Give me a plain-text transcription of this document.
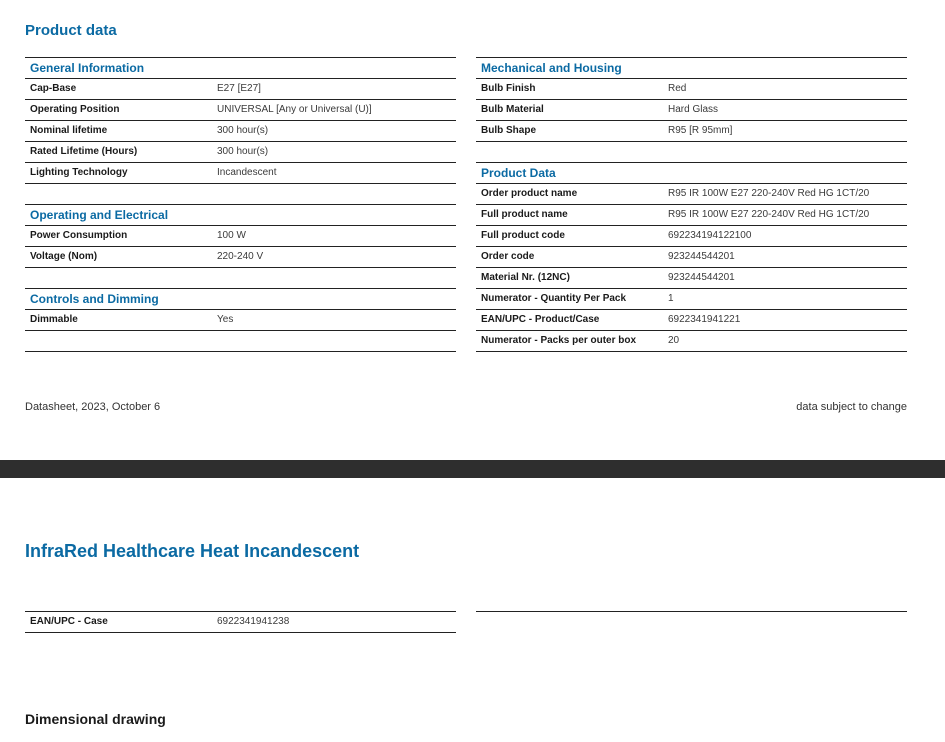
Product data
General Information
Cap-Base	E27 [E27]
Operating Position	UNIVERSAL [Any or Universal (U)]
Nominal lifetime	300 hour(s)
Rated Lifetime (Hours)	300 hour(s)
Lighting Technology	Incandescent
Operating and Electrical
Power Consumption	100 W
Voltage (Nom)	220-240 V
Controls and Dimming
Dimmable	Yes
Mechanical and Housing
Bulb Finish	Red
Bulb Material	Hard Glass
Bulb Shape	R95 [R 95mm]
Product Data
Order product name	R95 IR 100W E27 220-240V Red HG 1CT/20
Full product name	R95 IR 100W E27 220-240V Red HG 1CT/20
Full product code	692234194122100
Order code	923244544201
Material Nr. (12NC)	923244544201
Numerator - Quantity Per Pack	1
EAN/UPC - Product/Case	6922341941221
Numerator - Packs per outer box	20
Datasheet, 2023, October 6	data subject to change
InfraRed Healthcare Heat Incandescent
EAN/UPC - Case	6922341941238
Dimensional drawing
